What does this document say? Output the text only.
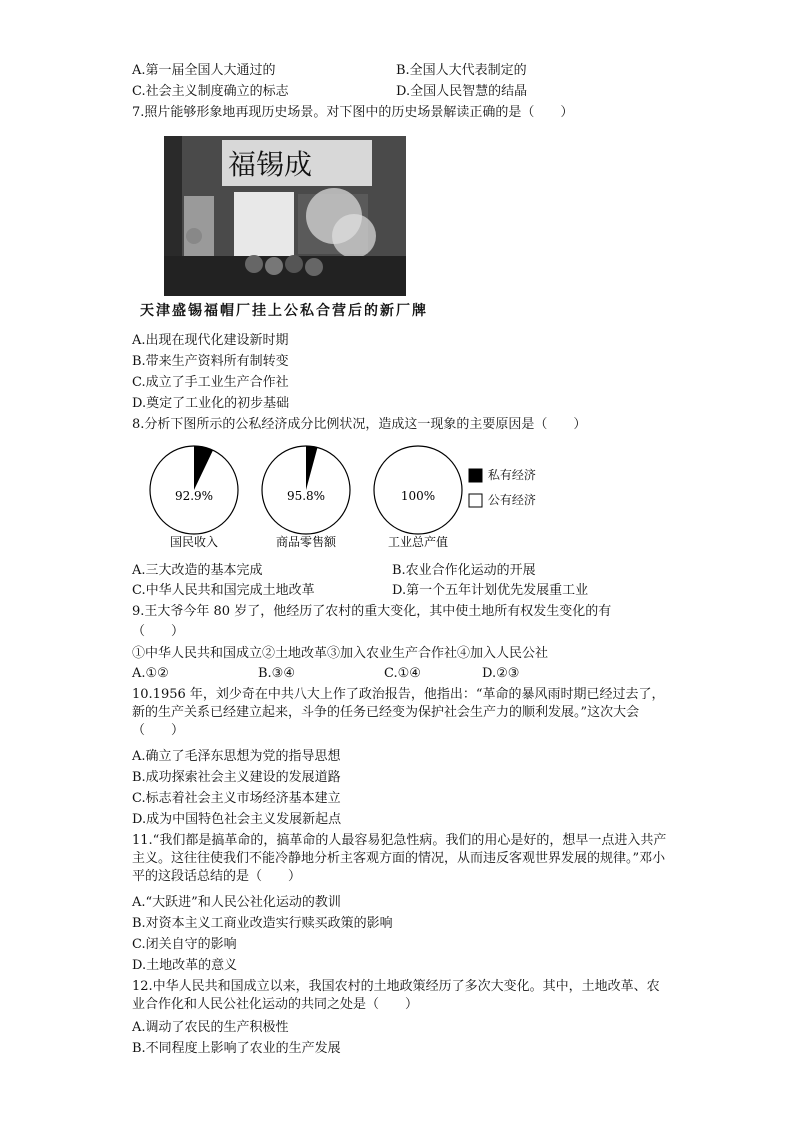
A.第一届全国人大通过的	B.全国人大代表制定的
C.社会主义制度确立的标志	D.全国人民智慧的结晶
7.照片能够形象地再现历史场景。对下图中的历史场景解读正确的是（　　）
福锡成
天津盛锡福帽厂挂上公私合营后的新厂牌
A.出现在现代化建设新时期
B.带来生产资料所有制转变
C.成立了手工业生产合作社
D.奠定了工业化的初步基础
8.分析下图所示的公私经济成分比例状况，造成这一现象的主要原因是（　　）
92.9%
国民收入
95.8%
商品零售额
100%
工业总产值
私有经济
公有经济
A.三大改造的基本完成	B.农业合作化运动的开展
C.中华人民共和国完成土地改革	D.第一个五年计划优先发展重工业
9.王大爷今年 80 岁了，他经历了农村的重大变化，其中使土地所有权发生变化的有
（　　）
①中华人民共和国成立②土地改革③加入农业生产合作社④加入人民公社
A.①②	B.③④	C.①④	D.②③
10.1956 年，刘少奇在中共八大上作了政治报告，他指出：“革命的暴风雨时期已经过去了，新的生产关系已经建立起来，斗争的任务已经变为保护社会生产力的顺利发展。”这次大会（　　）
A.确立了毛泽东思想为党的指导思想
B.成功探索社会主义建设的发展道路
C.标志着社会主义市场经济基本建立
D.成为中国特色社会主义发展新起点
11.“我们都是搞革命的，搞革命的人最容易犯急性病。我们的用心是好的，想早一点进入共产主义。这往往使我们不能冷静地分析主客观方面的情况，从而违反客观世界发展的规律。”邓小平的这段话总结的是（　　）
A.“大跃进”和人民公社化运动的教训
B.对资本主义工商业改造实行赎买政策的影响
C.闭关自守的影响
D.土地改革的意义
12.中华人民共和国成立以来，我国农村的土地政策经历了多次大变化。其中，土地改革、农业合作化和人民公社化运动的共同之处是（　　）
A.调动了农民的生产积极性
B.不同程度上影响了农业的生产发展
